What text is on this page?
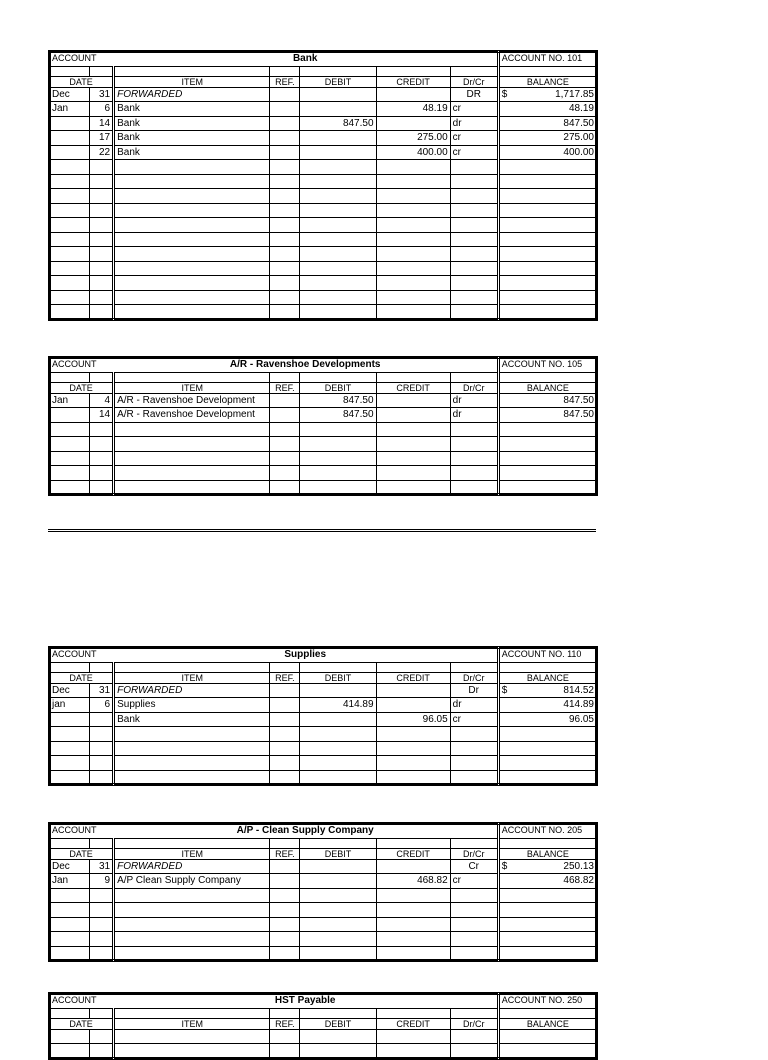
ACCOUNT		Bank					ACCOUNT NO. 101

DATE		ITEM	REF.	DEBIT	CREDIT	Dr/Cr	BALANCE
Dec	31	FORWARDED				DR	$ 1,717.85

Jan	6	Bank			48.19	cr	48.19

	14	Bank		847.50		dr	847.50

	17	Bank			275.00	cr	275.00

	22	Bank			400.00	cr	400.00

ACCOUNT		A/R - Ravenshoe Developments					ACCOUNT NO. 105

DATE		ITEM	REF.	DEBIT	CREDIT	Dr/Cr	BALANCE
Jan	4	A/R - Ravenshoe Development		847.50		dr	847.50

	14	A/R - Ravenshoe Development		847.50		dr	847.50

ACCOUNT		Supplies					ACCOUNT NO. 110

DATE		ITEM	REF.	DEBIT	CREDIT	Dr/Cr	BALANCE
Dec	31	FORWARDED				Dr	$ 814.52

jan	6	Supplies		414.89		dr	414.89

		Bank			96.05	cr	96.05

ACCOUNT		A/P - Clean Supply Company					ACCOUNT NO. 205

DATE		ITEM	REF.	DEBIT	CREDIT	Dr/Cr	BALANCE
Dec	31	FORWARDED				Cr	$ 250.13

Jan	9	A/P Clean Supply Company			468.82	cr	468.82

ACCOUNT		HST Payable					ACCOUNT NO. 250

DATE		ITEM	REF.	DEBIT	CREDIT	Dr/Cr	BALANCE
